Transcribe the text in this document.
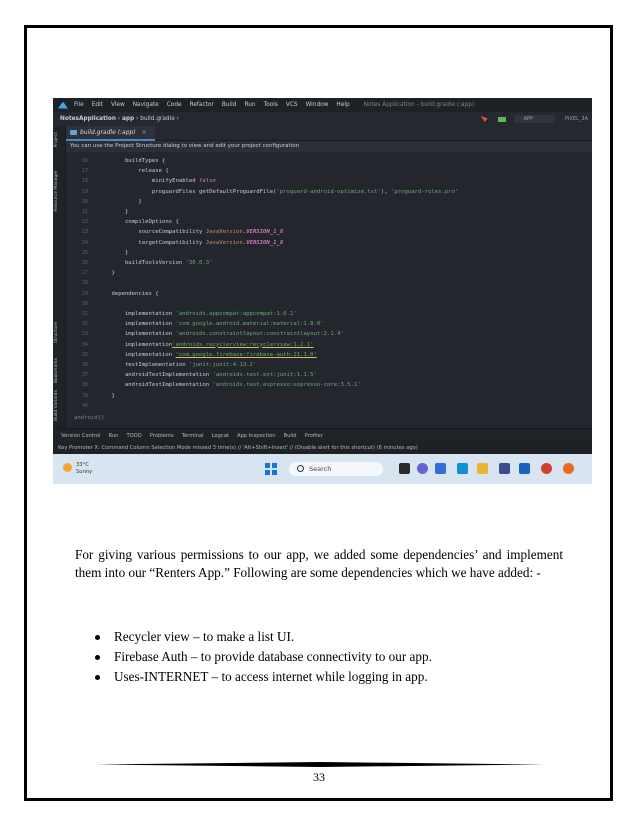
File Edit View Navigate Code Refactor Build Run Tools VCS Window Help Notes Application - build.gradle (:app)
NotesApplication › app › build.gradle ›	APP	PIXEL_3A
Project
Resource Manager
Structure
Bookmarks
Build Variants
build.gradle (:app) ×
You can use the Project Structure dialog to view and edit your project configuration
16 buildTypes {
17 release {
18 minifyEnabled false
19 proguardFiles getDefaultProguardFile('proguard-android-optimize.txt'), 'proguard-rules.pro'
20 }
21 }
22 compileOptions {
23 sourceCompatibility JavaVersion.VERSION_1_8
24 targetCompatibility JavaVersion.VERSION_1_8
25 }
26 buildToolsVersion '30.0.3'
27 }
28
29 dependencies {
30
31 implementation 'androidx.appcompat:appcompat:1.6.1'
32 implementation 'com.google.android.material:material:1.8.0'
33 implementation 'androidx.constraintlayout:constraintlayout:2.1.4'
34 implementation'androidx.recyclerview:recyclerview:1.2.1'
35 implementation 'com.google.firebase:firebase-auth:21.1.0'
36 testImplementation 'junit:junit:4.13.2'
37 androidTestImplementation 'androidx.test.ext:junit:1.1.5'
38 androidTestImplementation 'androidx.test.espresso:espresso-core:3.5.1'
39 }
40
android{}
Version Control Run TODO Problems Terminal Logcat App Inspection Build Profiler
Key Promoter X: Command Column Selection Mode missed 3 time(s) // 'Alt+Shift+Insert' // (Disable alert for this shortcut) (6 minutes ago)
33°C
Sunny	Search

For giving various permissions to our app, we added some dependencies’ and implement them into our “Renters App.” Following are some dependencies which we have added: -

Recycler view – to make a list UI.
Firebase Auth – to provide database connectivity to our app.
Uses-INTERNET – to access internet while logging in app.
33
